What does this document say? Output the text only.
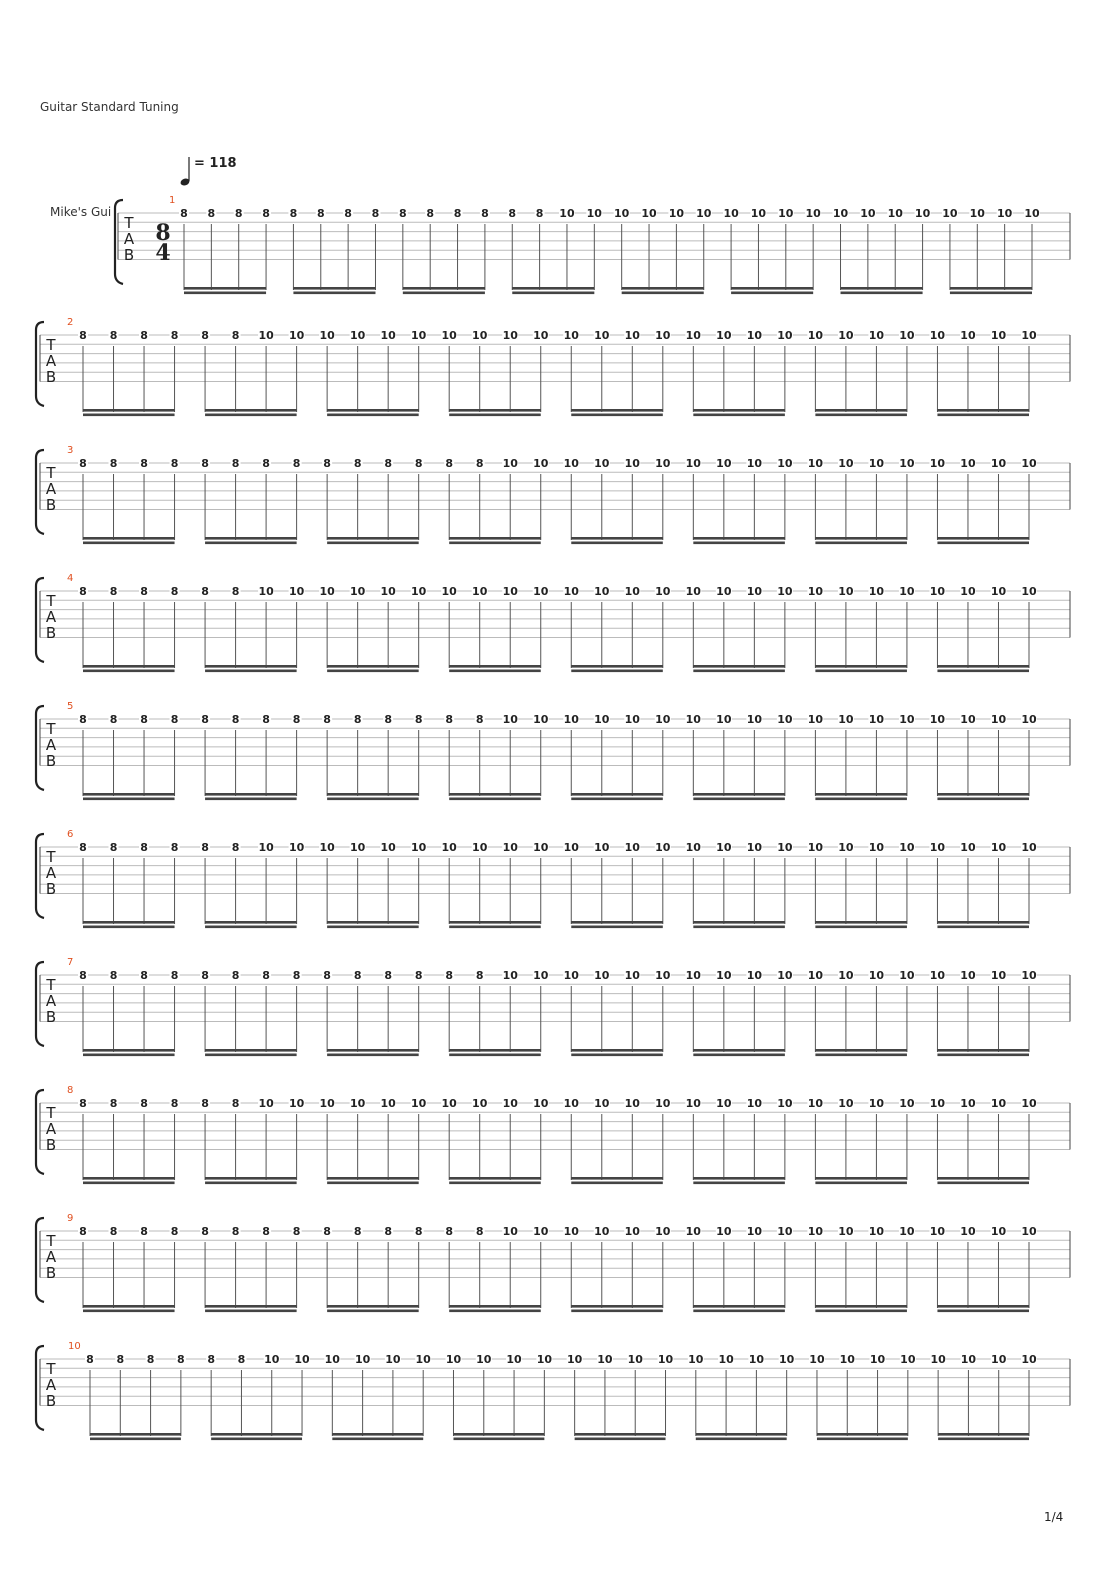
Guitar Standard Tuning
= 118
Mike's Gui
T
A
B
8
4
1
8 8 8 8 8 8 8 8 8 8 8 8 8 8 10 10 10 10 10 10 10 10 10 10 10 10 10 10 10 10 10 10
T
A
B
2
8 8 8 8 8 8 10 10 10 10 10 10 10 10 10 10 10 10 10 10 10 10 10 10 10 10 10 10 10 10 10 10
T
A
B
3
8 8 8 8 8 8 8 8 8 8 8 8 8 8 10 10 10 10 10 10 10 10 10 10 10 10 10 10 10 10 10 10
T
A
B
4
8 8 8 8 8 8 10 10 10 10 10 10 10 10 10 10 10 10 10 10 10 10 10 10 10 10 10 10 10 10 10 10
T
A
B
5
8 8 8 8 8 8 8 8 8 8 8 8 8 8 10 10 10 10 10 10 10 10 10 10 10 10 10 10 10 10 10 10
T
A
B
6
8 8 8 8 8 8 10 10 10 10 10 10 10 10 10 10 10 10 10 10 10 10 10 10 10 10 10 10 10 10 10 10
T
A
B
7
8 8 8 8 8 8 8 8 8 8 8 8 8 8 10 10 10 10 10 10 10 10 10 10 10 10 10 10 10 10 10 10
T
A
B
8
8 8 8 8 8 8 10 10 10 10 10 10 10 10 10 10 10 10 10 10 10 10 10 10 10 10 10 10 10 10 10 10
T
A
B
9
8 8 8 8 8 8 8 8 8 8 8 8 8 8 10 10 10 10 10 10 10 10 10 10 10 10 10 10 10 10 10 10
T
A
B
10
8 8 8 8 8 8 10 10 10 10 10 10 10 10 10 10 10 10 10 10 10 10 10 10 10 10 10 10 10 10 10 10
1/4
